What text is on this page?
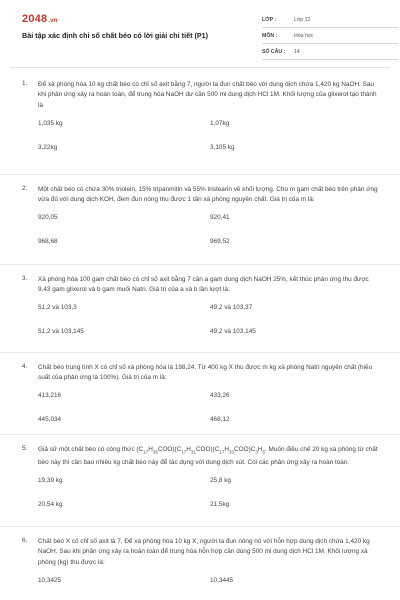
2048.vn
Bài tập xác định chỉ số chất béo có lời giải chi tiết (P1)
LỚP :	Lớp 12
MÔN :	Hóa học
SỐ CÂU :	14
1. Để xà phòng hóa 10 kg chất béo có chỉ số axit bằng 7, người ta đun chất béo với dung dịch chứa 1,420 kg NaOH. Sau khi phản ứng xảy ra hoàn toàn, để trung hòa NaOH dư cần 500 ml dung dịch HCl 1M. Khối lượng của glixerol tạo thành là
1,035 kg	1,07kg
3,22kg	3,105 kg
2. Một chất béo có chứa 30% triolein, 15% tripanmitin và 55% tristearin về khối lượng. Cho m gam chất béo trên phản ứng vừa đủ với dung dịch KOH, đem đun nóng thu được 1 tấn xà phòng nguyên chất. Giá trị của m là:
920,05	920,41
968,68	969,52
3. Xà phòng hóa 100 gam chất béo có chỉ số axit bằng 7 cần a gam dung dịch NaOH 25%, kết thúc phản ứng thu được 9,43 gam glixerol và b gam muối Natri. Giá trị của a và b lần lượt là:
51,2 và 103,3	49,2 và 103,37
51,2 và 103,145	49,2 và 103,145
4. Chất béo trung tính X có chỉ số xà phòng hóa là 198,24. Từ 400 kg X thu được m kg xà phòng Natri nguyên chất (hiệu suất của phản ứng là 100%). Giá trị của m là:
413,216	433,26
445,034	468,12
5. Giả sử một chất béo có công thức $(C_{17}H_{35}COO)(C_{17}H_{31}COO)(C_{17}H_{33}COO)C_3H_5$. Muốn điều chế 20 kg xà phòng từ chất béo này thì cần bao nhiêu kg chất béo này để tác dụng với dung dịch xút. Coi các phản ứng xảy ra hoàn toàn.
19,39 kg	25,8 kg
20,54 kg	21,5kg
6. Chất béo X có chỉ số axit là 7. Để xà phòng hóa 10 kg X, người ta đun nóng nó với hỗn hợp dung dịch chứa 1,420 kg NaOH. Sau khi phản ứng xảy ra hoàn toàn để trung hòa hỗn hợp cần dùng 500 ml dung dịch HCl 1M. Khối lượng xà phòng (kg) thu được là:
10,3425	10,3445
